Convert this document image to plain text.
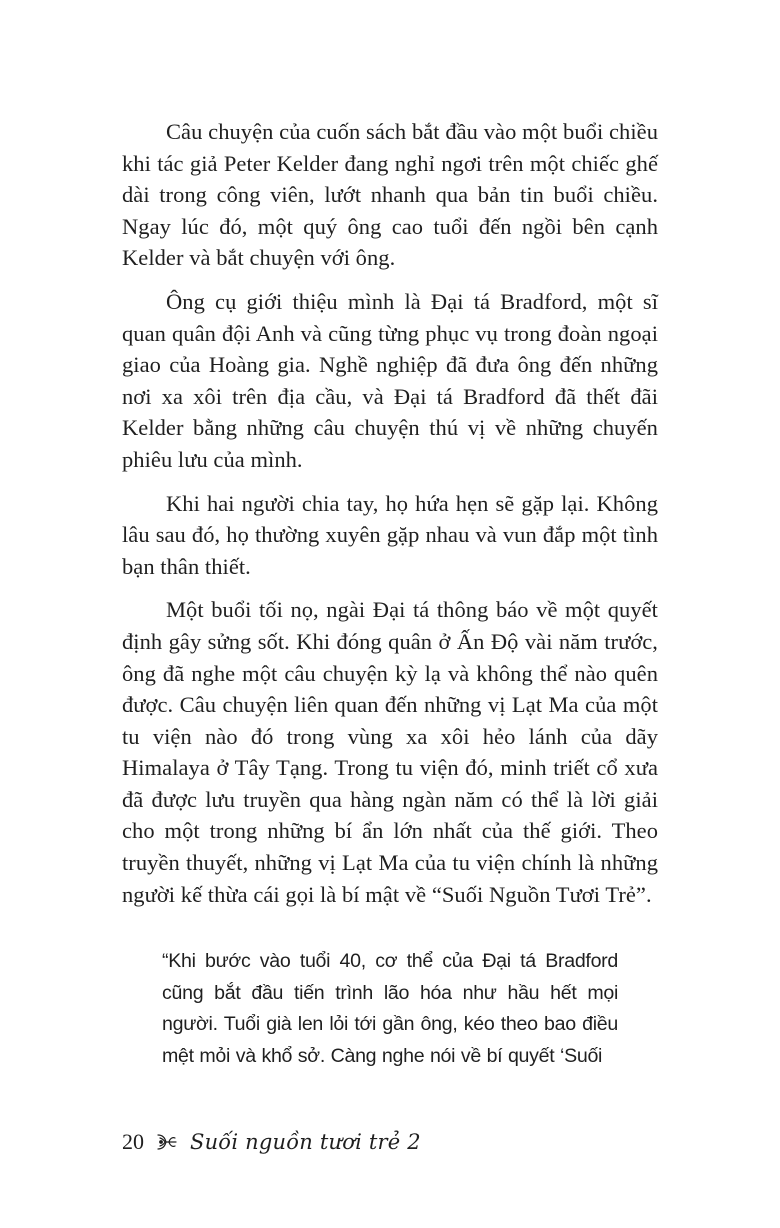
Câu chuyện của cuốn sách bắt đầu vào một buổi chiều khi tác giả Peter Kelder đang nghỉ ngơi trên một chiếc ghế dài trong công viên, lướt nhanh qua bản tin buổi chiều. Ngay lúc đó, một quý ông cao tuổi đến ngồi bên cạnh Kelder và bắt chuyện với ông.

Ông cụ giới thiệu mình là Đại tá Bradford, một sĩ quan quân đội Anh và cũng từng phục vụ trong đoàn ngoại giao của Hoàng gia. Nghề nghiệp đã đưa ông đến những nơi xa xôi trên địa cầu, và Đại tá Bradford đã thết đãi Kelder bằng những câu chuyện thú vị về những chuyến phiêu lưu của mình.

Khi hai người chia tay, họ hứa hẹn sẽ gặp lại. Không lâu sau đó, họ thường xuyên gặp nhau và vun đắp một tình bạn thân thiết.

Một buổi tối nọ, ngài Đại tá thông báo về một quyết định gây sửng sốt. Khi đóng quân ở Ấn Độ vài năm trước, ông đã nghe một câu chuyện kỳ lạ và không thể nào quên được. Câu chuyện liên quan đến những vị Lạt Ma của một tu viện nào đó trong vùng xa xôi hẻo lánh của dãy Himalaya ở Tây Tạng. Trong tu viện đó, minh triết cổ xưa đã được lưu truyền qua hàng ngàn năm có thể là lời giải cho một trong những bí ẩn lớn nhất của thế giới. Theo truyền thuyết, những vị Lạt Ma của tu viện chính là những người kế thừa cái gọi là bí mật về “Suối Nguồn Tươi Trẻ”.

“Khi bước vào tuổi 40, cơ thể của Đại tá Bradford cũng bắt đầu tiến trình lão hóa như hầu hết mọi người. Tuổi già len lỏi tới gần ông, kéo theo bao điều mệt mỏi và khổ sở. Càng nghe nói về bí quyết ‘Suối

20 Suối nguồn tươi trẻ 2
